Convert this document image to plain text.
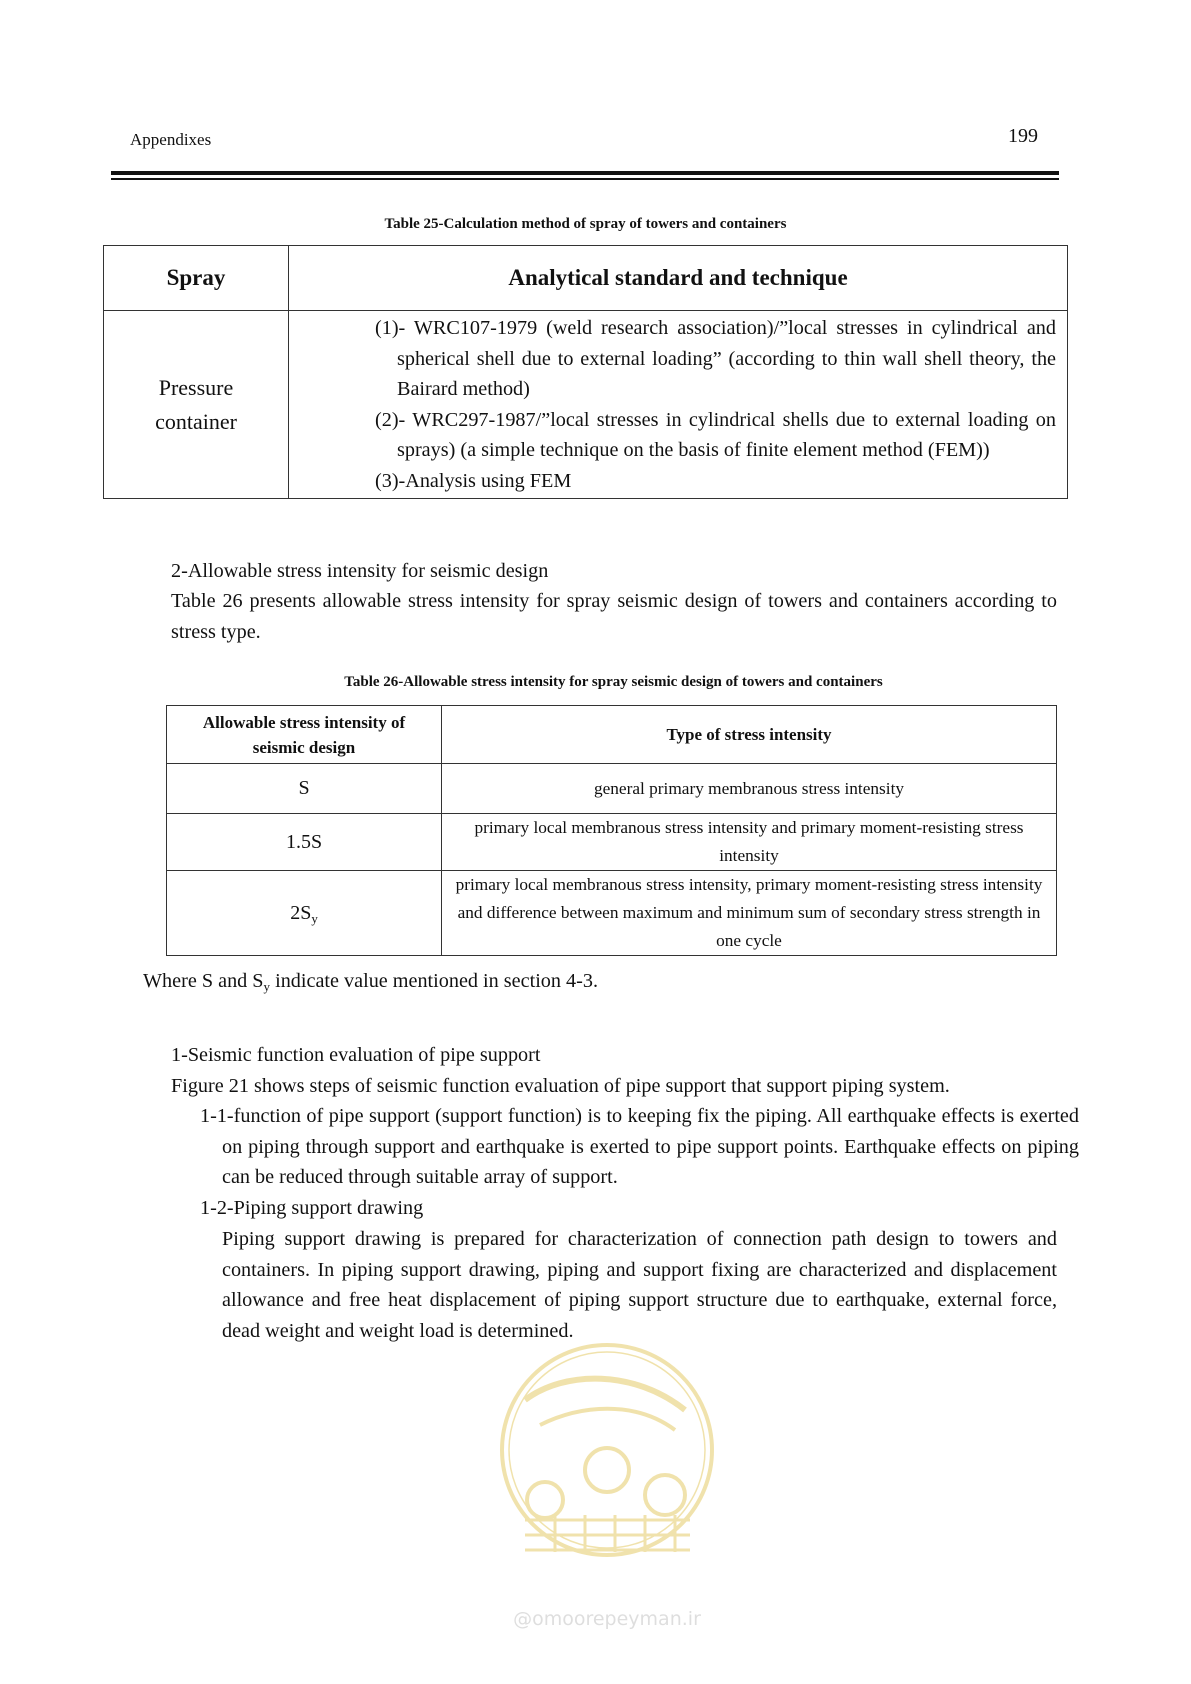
Appendixes	199
Table 25-Calculation method of spray of towers and containers
Spray	Analytical standard and technique

Pressure container	(1)- WRC107-1979 (weld research association)/”local stresses in cylindrical and spherical shell due to external loading” (according to thin wall shell theory, the Bairard method)
(2)- WRC297-1987/”local stresses in cylindrical shells due to external loading on sprays) (a simple technique on the basis of finite element method (FEM))
(3)-Analysis using FEM
2-Allowable stress intensity for seismic design
Table 26 presents allowable stress intensity for spray seismic design of towers and containers according to stress type.
Table 26-Allowable stress intensity for spray seismic design of towers and containers
Allowable stress intensity of seismic design	Type of stress intensity
S	general primary membranous stress intensity
1.5S	primary local membranous stress intensity and primary moment-resisting stress intensity
$2S_y$	primary local membranous stress intensity, primary moment-resisting stress intensity and difference between maximum and minimum sum of secondary stress strength in one cycle
Where S and $S_y$ indicate value mentioned in section 4-3.
1-Seismic function evaluation of pipe support
Figure 21 shows steps of seismic function evaluation of pipe support that support piping system.
1-1-function of pipe support (support function) is to keeping fix the piping. All earthquake effects is exerted on piping through support and earthquake is exerted to pipe support points. Earthquake effects on piping can be reduced through suitable array of support.
1-2-Piping support drawing
Piping support drawing is prepared for characterization of connection path design to towers and containers. In piping support drawing, piping and support fixing are characterized and displacement allowance and free heat displacement of piping support structure due to earthquake, external force, dead weight and weight load is determined.
@omoorepeyman.ir
